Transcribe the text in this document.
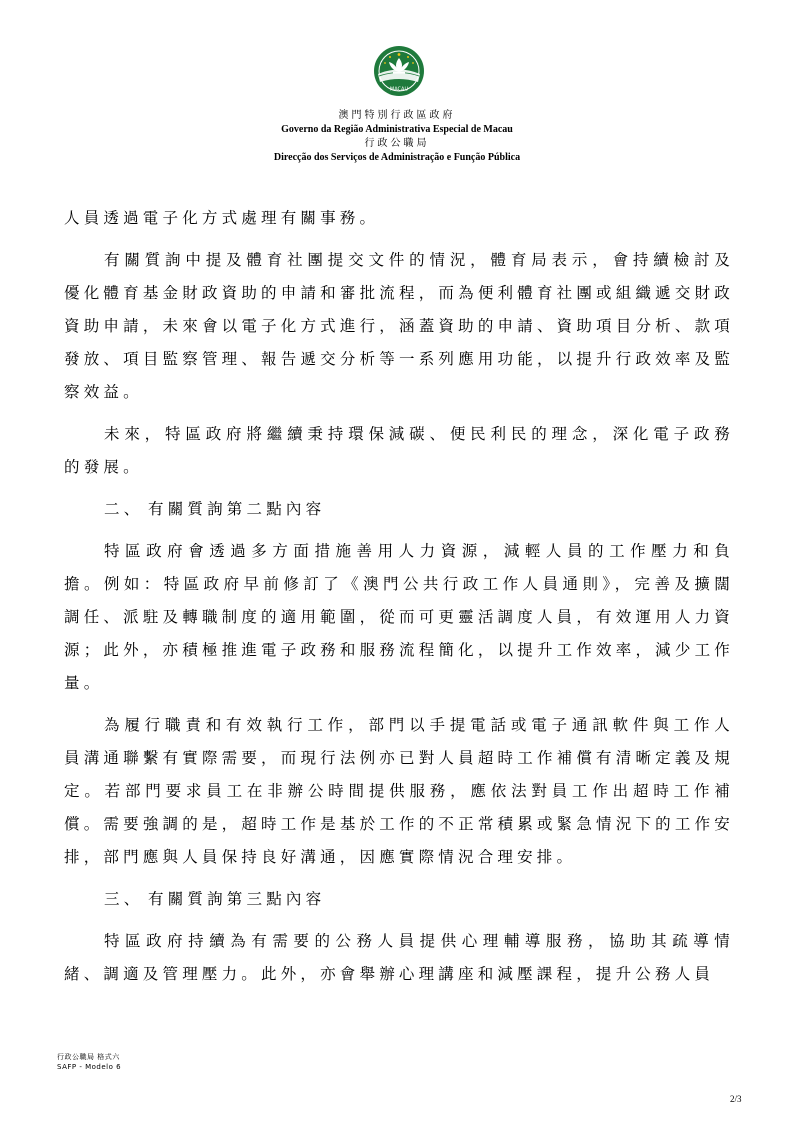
MACAU
澳門特別行政區政府
Governo da Região Administrativa Especial de Macau
行政公職局
Direcção dos Serviços de Administração e Função Pública

人員透過電子化方式處理有關事務。

有關質詢中提及體育社團提交文件的情況，體育局表示，會持續檢討及優化體育基金財政資助的申請和審批流程，而為便利體育社團或組織遞交財政資助申請，未來會以電子化方式進行，涵蓋資助的申請、資助項目分析、款項發放、項目監察管理、報告遞交分析等一系列應用功能，以提升行政效率及監察效益。

未來，特區政府將繼續秉持環保減碳、便民利民的理念，深化電子政務的發展。

二、 有關質詢第二點內容

特區政府會透過多方面措施善用人力資源，減輕人員的工作壓力和負擔。例如：特區政府早前修訂了《澳門公共行政工作人員通則》，完善及擴闊調任、派駐及轉職制度的適用範圍，從而可更靈活調度人員，有效運用人力資源；此外，亦積極推進電子政務和服務流程簡化，以提升工作效率，減少工作量。

為履行職責和有效執行工作，部門以手提電話或電子通訊軟件與工作人員溝通聯繫有實際需要，而現行法例亦已對人員超時工作補償有清晰定義及規定。若部門要求員工在非辦公時間提供服務，應依法對員工作出超時工作補償。需要強調的是，超時工作是基於工作的不正常積累或緊急情況下的工作安排，部門應與人員保持良好溝通，因應實際情況合理安排。

三、 有關質詢第三點內容

特區政府持續為有需要的公務人員提供心理輔導服務，協助其疏導情緒、調適及管理壓力。此外，亦會舉辦心理講座和減壓課程，提升公務人員

行政公職局 格式六
SAFP - Modelo 6
2/3
